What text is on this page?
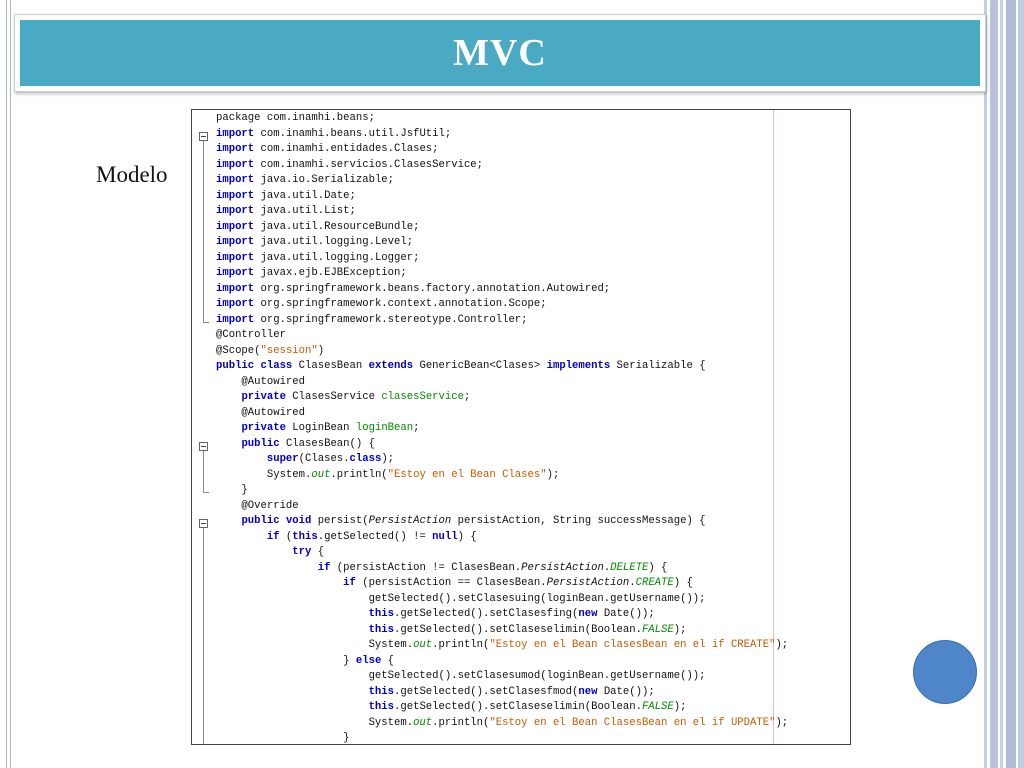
MVC
Modelo
package com.inamhi.beans;
import com.inamhi.beans.util.JsfUtil;
import com.inamhi.entidades.Clases;
import com.inamhi.servicios.ClasesService;
import java.io.Serializable;
import java.util.Date;
import java.util.List;
import java.util.ResourceBundle;
import java.util.logging.Level;
import java.util.logging.Logger;
import javax.ejb.EJBException;
import org.springframework.beans.factory.annotation.Autowired;
import org.springframework.context.annotation.Scope;
import org.springframework.stereotype.Controller;
@Controller
@Scope("session")
public class ClasesBean extends GenericBean<Clases> implements Serializable {
@Autowired
private ClasesService clasesService;
@Autowired
private LoginBean loginBean;
public ClasesBean() {
super(Clases.class);
System.out.println("Estoy en el Bean Clases");
}
@Override
public void persist(PersistAction persistAction, String successMessage) {
if (this.getSelected() != null) {
try {
if (persistAction != ClasesBean.PersistAction.DELETE) {
if (persistAction == ClasesBean.PersistAction.CREATE) {
getSelected().setClasesuing(loginBean.getUsername());
this.getSelected().setClasesfing(new Date());
this.getSelected().setClaseselimin(Boolean.FALSE);
System.out.println("Estoy en el Bean clasesBean en el if CREATE");
} else {
getSelected().setClasesumod(loginBean.getUsername());
this.getSelected().setClasesfmod(new Date());
this.getSelected().setClaseselimin(Boolean.FALSE);
System.out.println("Estoy en el Bean ClasesBean en el if UPDATE");
}
